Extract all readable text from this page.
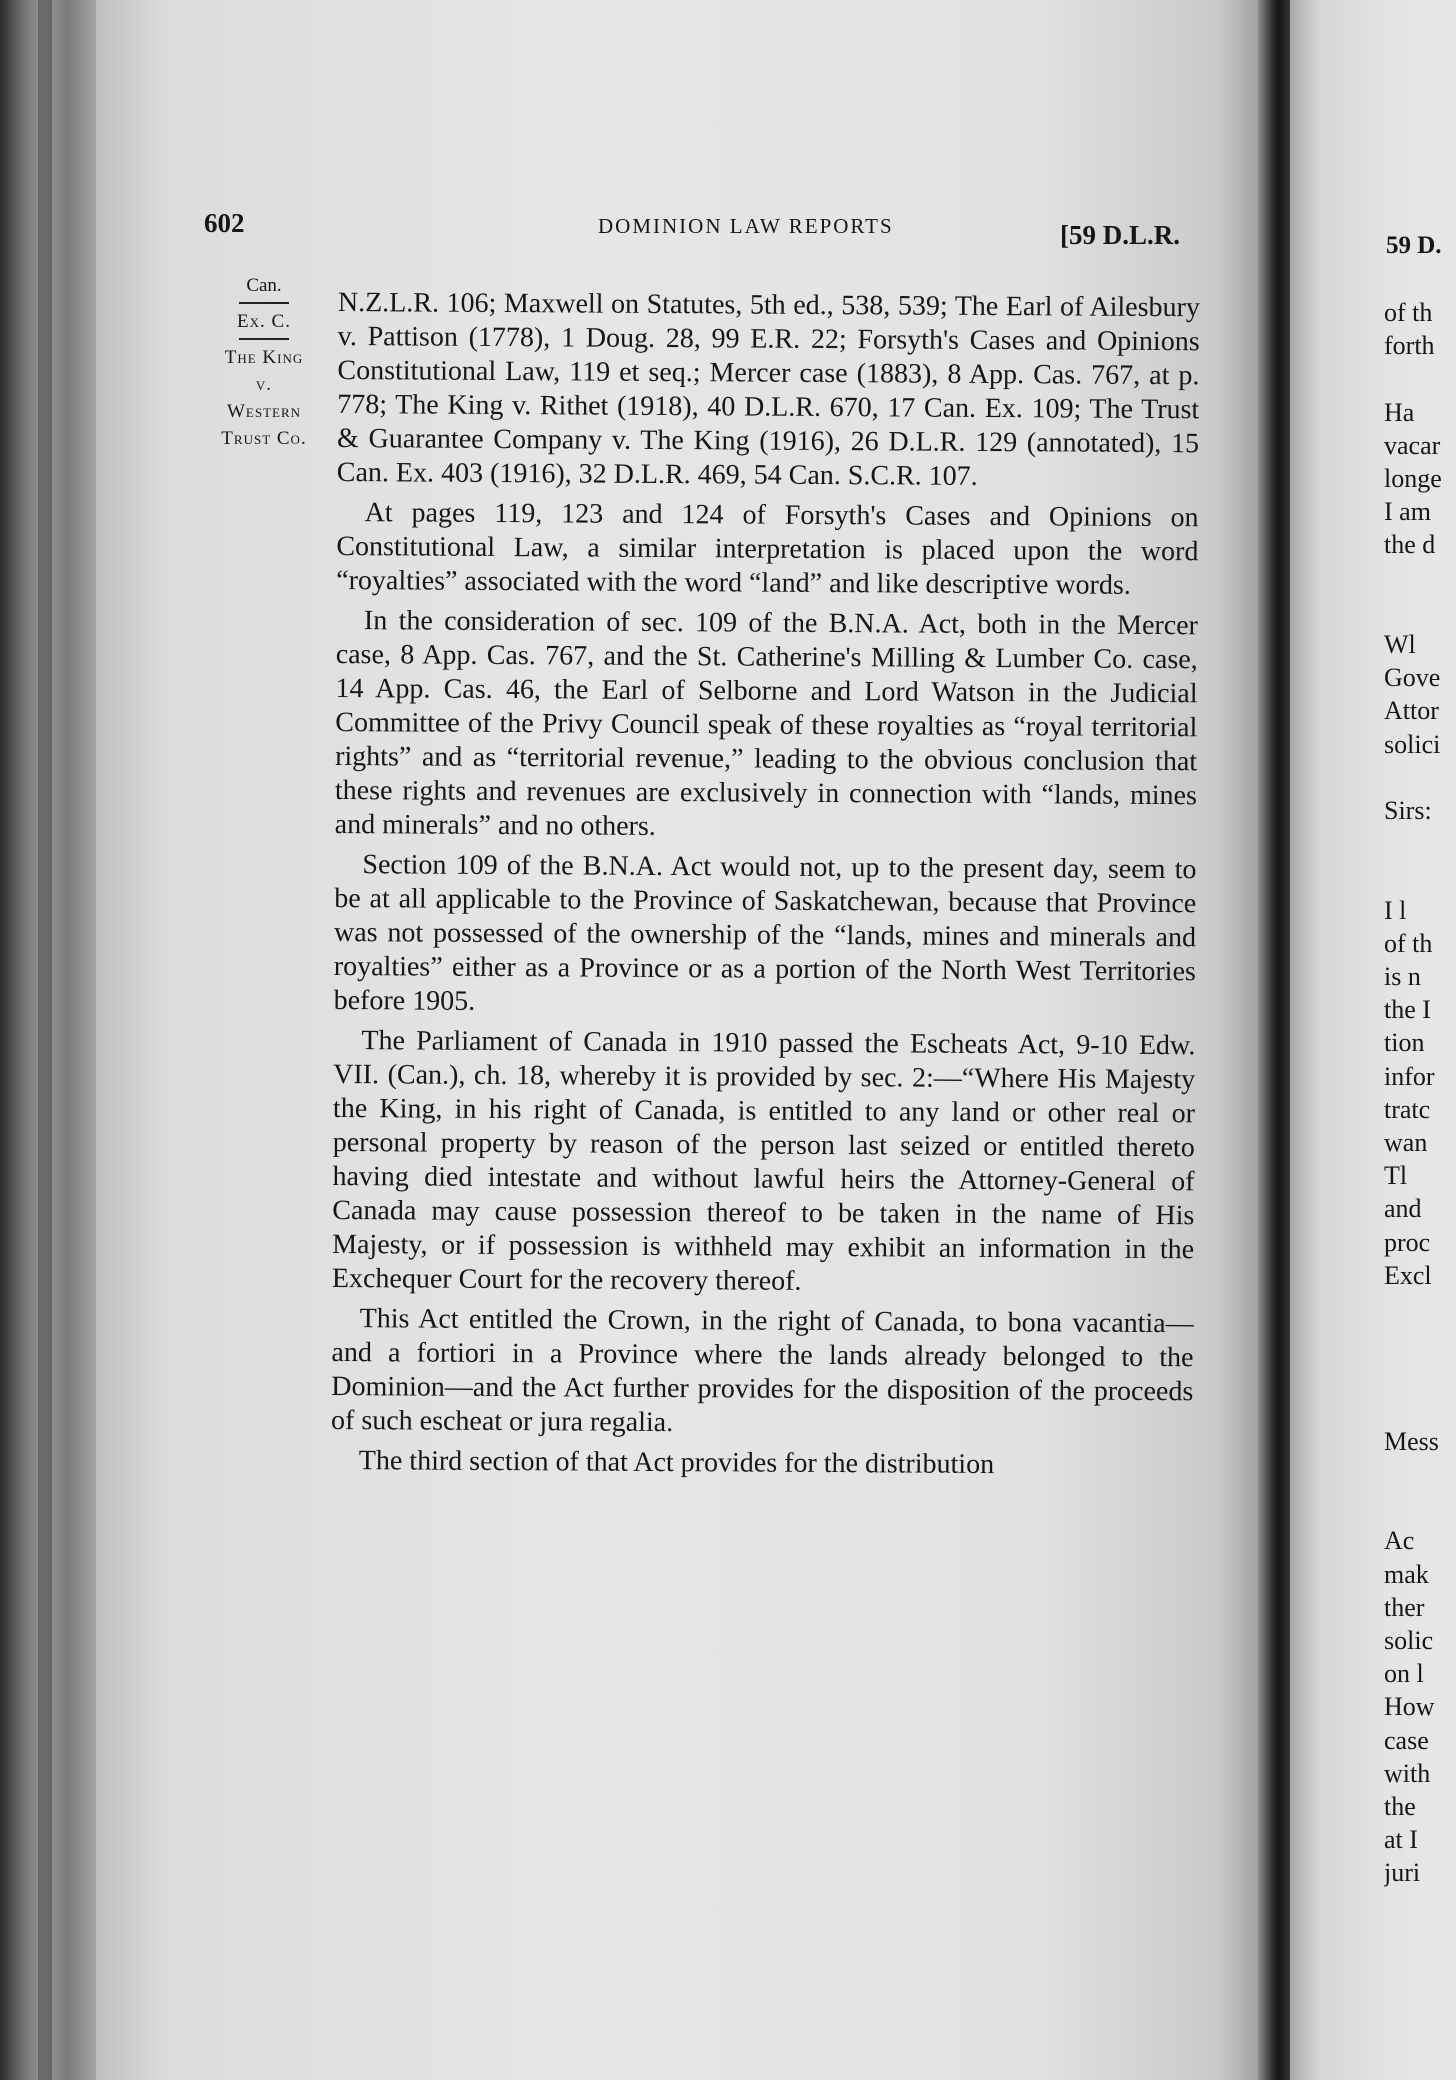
602	DOMINION LAW REPORTS	[59 D.L.R.
Can.
Ex. C.
The King
v.
Western
Trust Co.

N.Z.L.R. 106; Maxwell on Statutes, 5th ed., 538, 539; The Earl of Ailesbury v. Pattison (1778), 1 Doug. 28, 99 E.R. 22; Forsyth's Cases and Opinions Constitutional Law, 119 et seq.; Mercer case (1883), 8 App. Cas. 767, at p. 778; The King v. Rithet (1918), 40 D.L.R. 670, 17 Can. Ex. 109; The Trust & Guarantee Company v. The King (1916), 26 D.L.R. 129 (annotated), 15 Can. Ex. 403 (1916), 32 D.L.R. 469, 54 Can. S.C.R. 107.

At pages 119, 123 and 124 of Forsyth's Cases and Opinions on Constitutional Law, a similar interpretation is placed upon the word “royalties” associated with the word “land” and like descriptive words.

In the consideration of sec. 109 of the B.N.A. Act, both in the Mercer case, 8 App. Cas. 767, and the St. Catherine's Milling & Lumber Co. case, 14 App. Cas. 46, the Earl of Selborne and Lord Watson in the Judicial Committee of the Privy Council speak of these royalties as “royal territorial rights” and as “territorial revenue,” leading to the obvious conclusion that these rights and revenues are exclusively in connection with “lands, mines and minerals” and no others.

Section 109 of the B.N.A. Act would not, up to the present day, seem to be at all applicable to the Province of Saskatchewan, because that Province was not possessed of the ownership of the “lands, mines and minerals and royalties” either as a Province or as a portion of the North West Territories before 1905.

The Parliament of Canada in 1910 passed the Escheats Act, 9-10 Edw. VII. (Can.), ch. 18, whereby it is provided by sec. 2:—“Where His Majesty the King, in his right of Canada, is entitled to any land or other real or personal property by reason of the person last seized or entitled thereto having died intestate and without lawful heirs the Attorney-General of Canada may cause possession thereof to be taken in the name of His Majesty, or if possession is withheld may exhibit an information in the Exchequer Court for the recovery thereof.

This Act entitled the Crown, in the right of Canada, to bona vacantia—and a fortiori in a Province where the lands already belonged to the Dominion—and the Act further provides for the disposition of the proceeds of such escheat or jura regalia.

The third section of that Act provides for the distribution

59 D.
of th
forth
Ha
vacar
longe
I am
the d
Wl
Gove
Attor
solici
Sirs:
I l
of th
is n
the I
tion
infor
tratc
wan
Tl
and
proc
Excl
Mess
Ac
mak
ther
solic
on l
How
case
with
the
at I
juri
